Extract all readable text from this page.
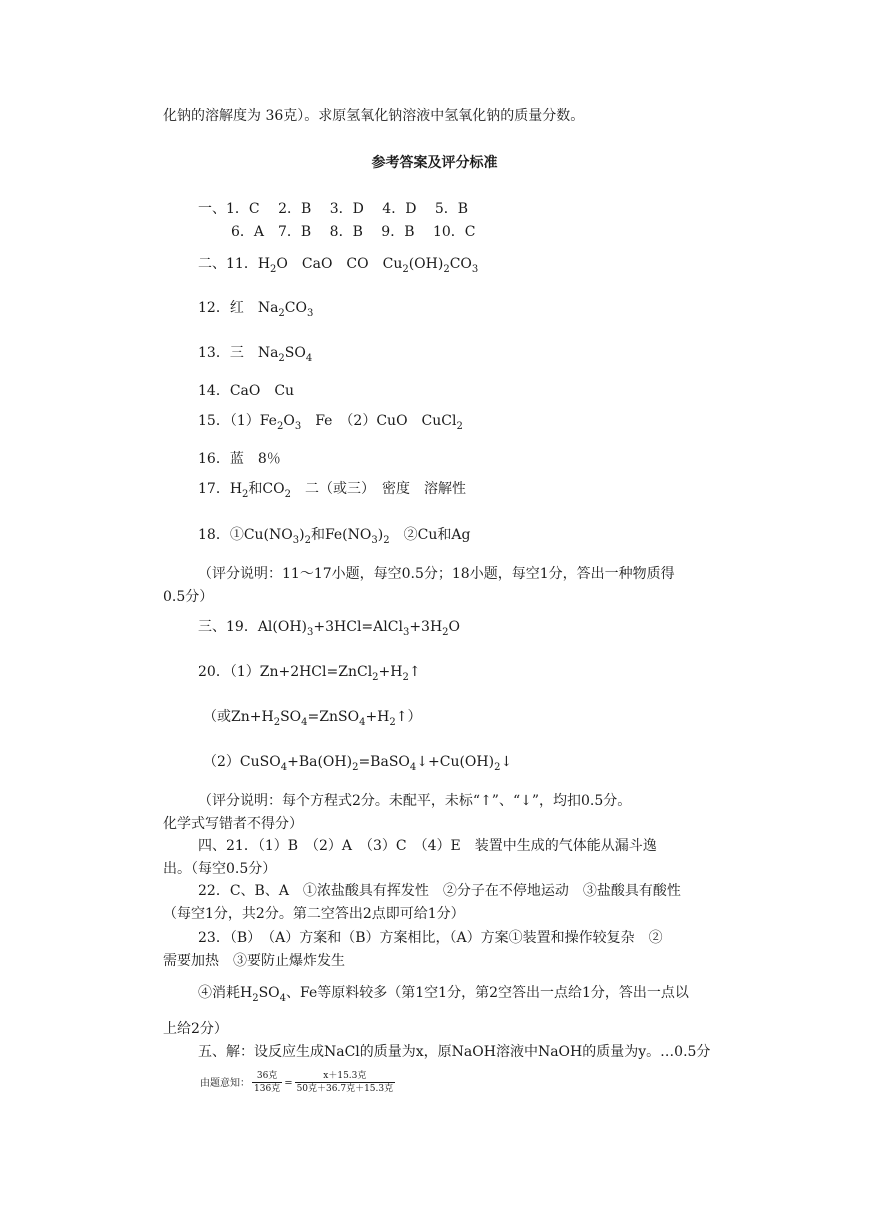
化钠的溶解度为 36克）。求原氢氧化钠溶液中氢氧化钠的质量分数。
参考答案及评分标准
一、1．C　 2．B　 3．D　 4．D　 5．B
6．A　7．B　 8．B　 9．B　 10．C
二、11．$H_2O$　CaO　CO　$Cu_2(OH)_2CO_3$
12．红　$Na_2CO_3$
13．三　$Na_2SO_4$
14．CaO　Cu
15．$(1)Fe_2O_3$　Fe　（2）CuO　CuCl$_2$
16．蓝　8％
17．$H_2$和$CO_2$　二（或三）　密度　溶解性
18．$①Cu(NO_3)_2$和$Fe(NO_3)_2$　②Cu和Ag
（评分说明：11～17小题，每空0.5分；18小题，每空1分，答出一种物质得
0.5分）
三、19．$Al(OH)_3+3HCl=AlCl_3+3H_2O$
20．$(1)Zn+2HCl=ZnCl_2+H_2↑$
（或$Zn+H_2SO_4=ZnSO_4+H_2↑$）
$(2)CuSO_4+Ba(OH)_2=BaSO_4↓+Cu(OH)_2↓$
（评分说明：每个方程式2分。未配平，未标“↑”、“↓”，均扣0.5分。
化学式写错者不得分）
四、21．（1）B　（2）A　（3）C　（4）E　装置中生成的气体能从漏斗逸
出。（每空0.5分）
22．C、B、A　①浓盐酸具有挥发性　②分子在不停地运动　③盐酸具有酸性
（每空1分，共2分。第二空答出2点即可给1分）
23．（B）　（A）方案和（B）方案相比，（A）方案①装置和操作较复杂　②
需要加热　③要防止爆炸发生
④消耗$H_2SO_4$、Fe等原料较多（第1空1分，第2空答出一点给1分，答出一点以
上给2分）
五、解：设反应生成NaCl的质量为x，原NaOH溶液中NaOH的质量为y。…0.5分
由题意知： $\frac{\text{36克}}{\text{136克}} = \frac{\text{x＋15.3克}}{\text{50克＋36.7克＋15.3克}}$
